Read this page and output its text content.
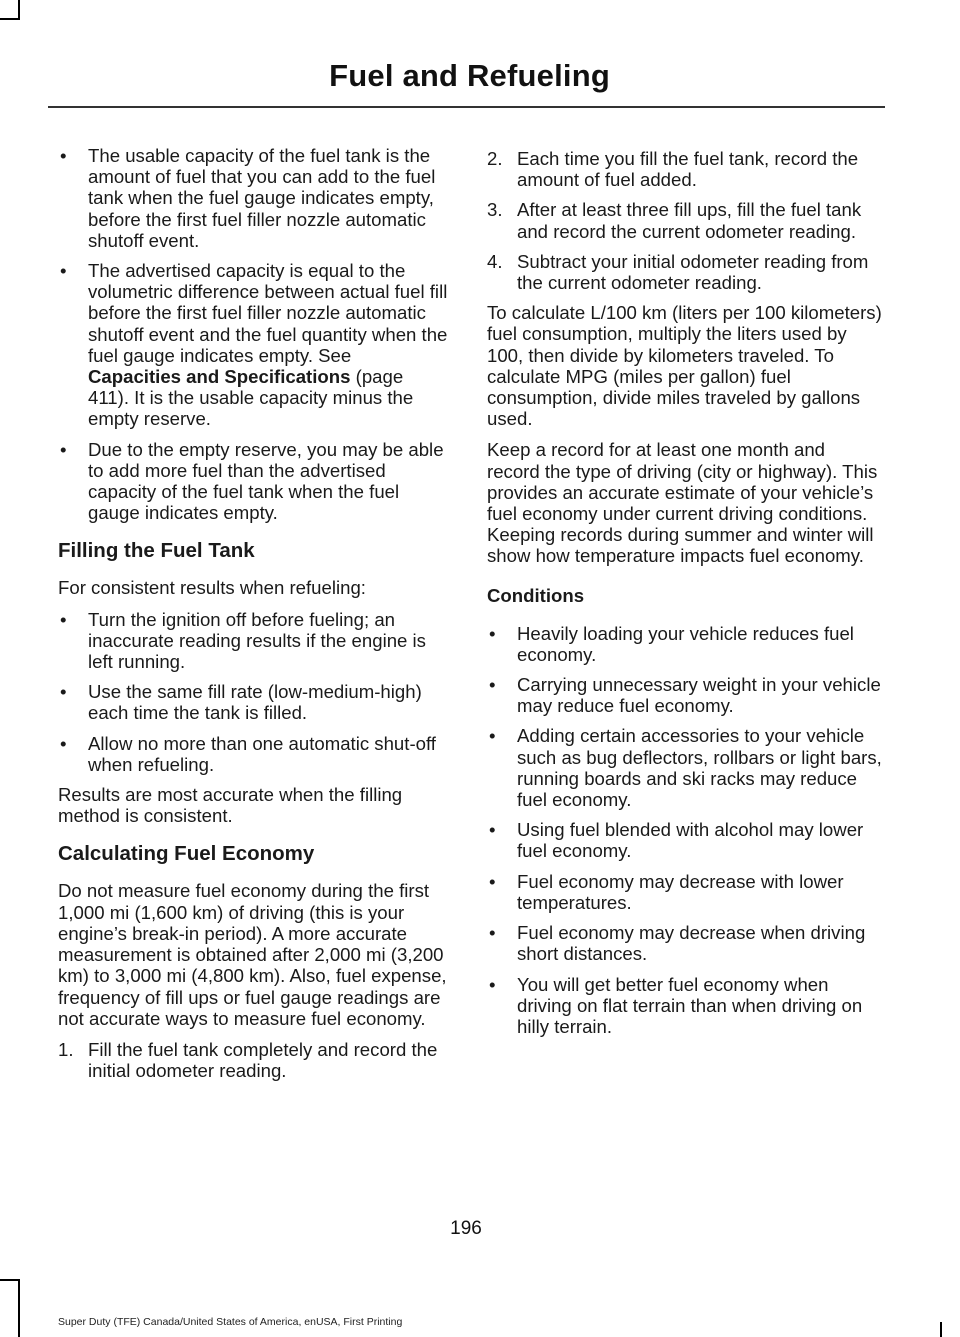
Fuel and Refueling
• The usable capacity of the fuel tank is the amount of fuel that you can add to the fuel tank when the fuel gauge indicates empty, before the first fuel filler nozzle automatic shutoff event.
• The advertised capacity is equal to the volumetric difference between actual fuel fill before the first fuel filler nozzle automatic shutoff event and the fuel quantity when the fuel gauge indicates empty. See Capacities and Specifications (page 411). It is the usable capacity minus the empty reserve.
• Due to the empty reserve, you may be able to add more fuel than the advertised capacity of the fuel tank when the fuel gauge indicates empty.
Filling the Fuel Tank

For consistent results when refueling:

• Turn the ignition off before fueling; an inaccurate reading results if the engine is left running.
• Use the same fill rate (low-medium-high) each time the tank is filled.
• Allow no more than one automatic shut-off when refueling.

Results are most accurate when the filling method is consistent.

Calculating Fuel Economy

Do not measure fuel economy during the first 1,000 mi (1,600 km) of driving (this is your engine’s break-in period). A more accurate measurement is obtained after 2,000 mi (3,200 km) to 3,000 mi (4,800 km). Also, fuel expense, frequency of fill ups or fuel gauge readings are not accurate ways to measure fuel economy.

1. Fill the fuel tank completely and record the initial odometer reading.
2. Each time you fill the fuel tank, record the amount of fuel added.
3. After at least three fill ups, fill the fuel tank and record the current odometer reading.
4. Subtract your initial odometer reading from the current odometer reading.

To calculate L/100 km (liters per 100 kilometers) fuel consumption, multiply the liters used by 100, then divide by kilometers traveled. To calculate MPG (miles per gallon) fuel consumption, divide miles traveled by gallons used.

Keep a record for at least one month and record the type of driving (city or highway). This provides an accurate estimate of your vehicle’s fuel economy under current driving conditions. Keeping records during summer and winter will show how temperature impacts fuel economy.

Conditions
• Heavily loading your vehicle reduces fuel economy.
• Carrying unnecessary weight in your vehicle may reduce fuel economy.
• Adding certain accessories to your vehicle such as bug deflectors, rollbars or light bars, running boards and ski racks may reduce fuel economy.
• Using fuel blended with alcohol may lower fuel economy.
• Fuel economy may decrease with lower temperatures.
• Fuel economy may decrease when driving short distances.
• You will get better fuel economy when driving on flat terrain than when driving on hilly terrain.
196
Super Duty (TFE) Canada/United States of America, enUSA, First Printing
